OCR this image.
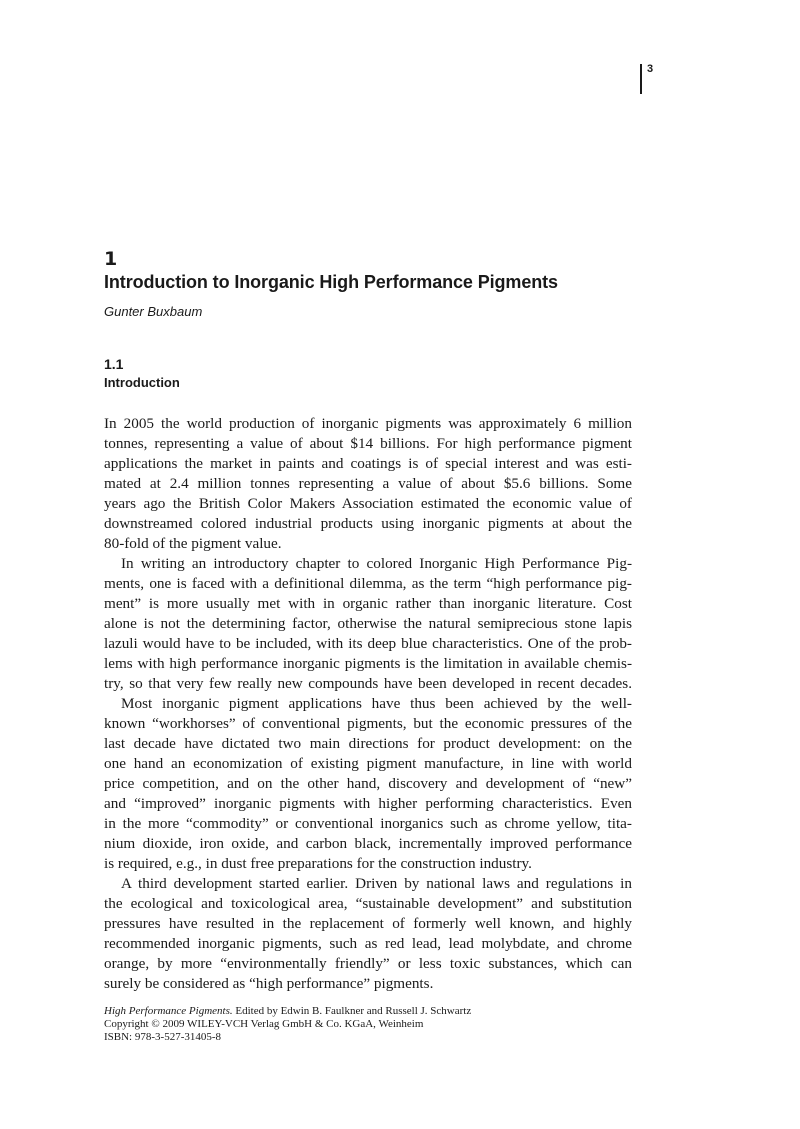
3
1
Introduction to Inorganic High Performance Pigments
Gunter Buxbaum
1.1
Introduction
In 2005 the world production of inorganic pigments was approximately 6 million
tonnes, representing a value of about $14 billions. For high performance pigment
applications the market in paints and coatings is of special interest and was esti-
mated at 2.4 million tonnes representing a value of about $5.6 billions. Some
years ago the British Color Makers Association estimated the economic value of
downstreamed colored industrial products using inorganic pigments at about the
80-fold of the pigment value.
In writing an introductory chapter to colored Inorganic High Performance Pig-
ments, one is faced with a definitional dilemma, as the term “high performance pig-
ment” is more usually met with in organic rather than inorganic literature. Cost
alone is not the determining factor, otherwise the natural semiprecious stone lapis
lazuli would have to be included, with its deep blue characteristics. One of the prob-
lems with high performance inorganic pigments is the limitation in available chemis-
try, so that very few really new compounds have been developed in recent decades.
Most inorganic pigment applications have thus been achieved by the well-
known “workhorses” of conventional pigments, but the economic pressures of the
last decade have dictated two main directions for product development: on the
one hand an economization of existing pigment manufacture, in line with world
price competition, and on the other hand, discovery and development of “new”
and “improved” inorganic pigments with higher performing characteristics. Even
in the more “commodity” or conventional inorganics such as chrome yellow, tita-
nium dioxide, iron oxide, and carbon black, incrementally improved performance
is required, e.g., in dust free preparations for the construction industry.
A third development started earlier. Driven by national laws and regulations in
the ecological and toxicological area, “sustainable development” and substitution
pressures have resulted in the replacement of formerly well known, and highly
recommended inorganic pigments, such as red lead, lead molybdate, and chrome
orange, by more “environmentally friendly” or less toxic substances, which can
surely be considered as “high performance” pigments.
High Performance Pigments. Edited by Edwin B. Faulkner and Russell J. Schwartz
Copyright © 2009 WILEY-VCH Verlag GmbH & Co. KGaA, Weinheim
ISBN: 978-3-527-31405-8
